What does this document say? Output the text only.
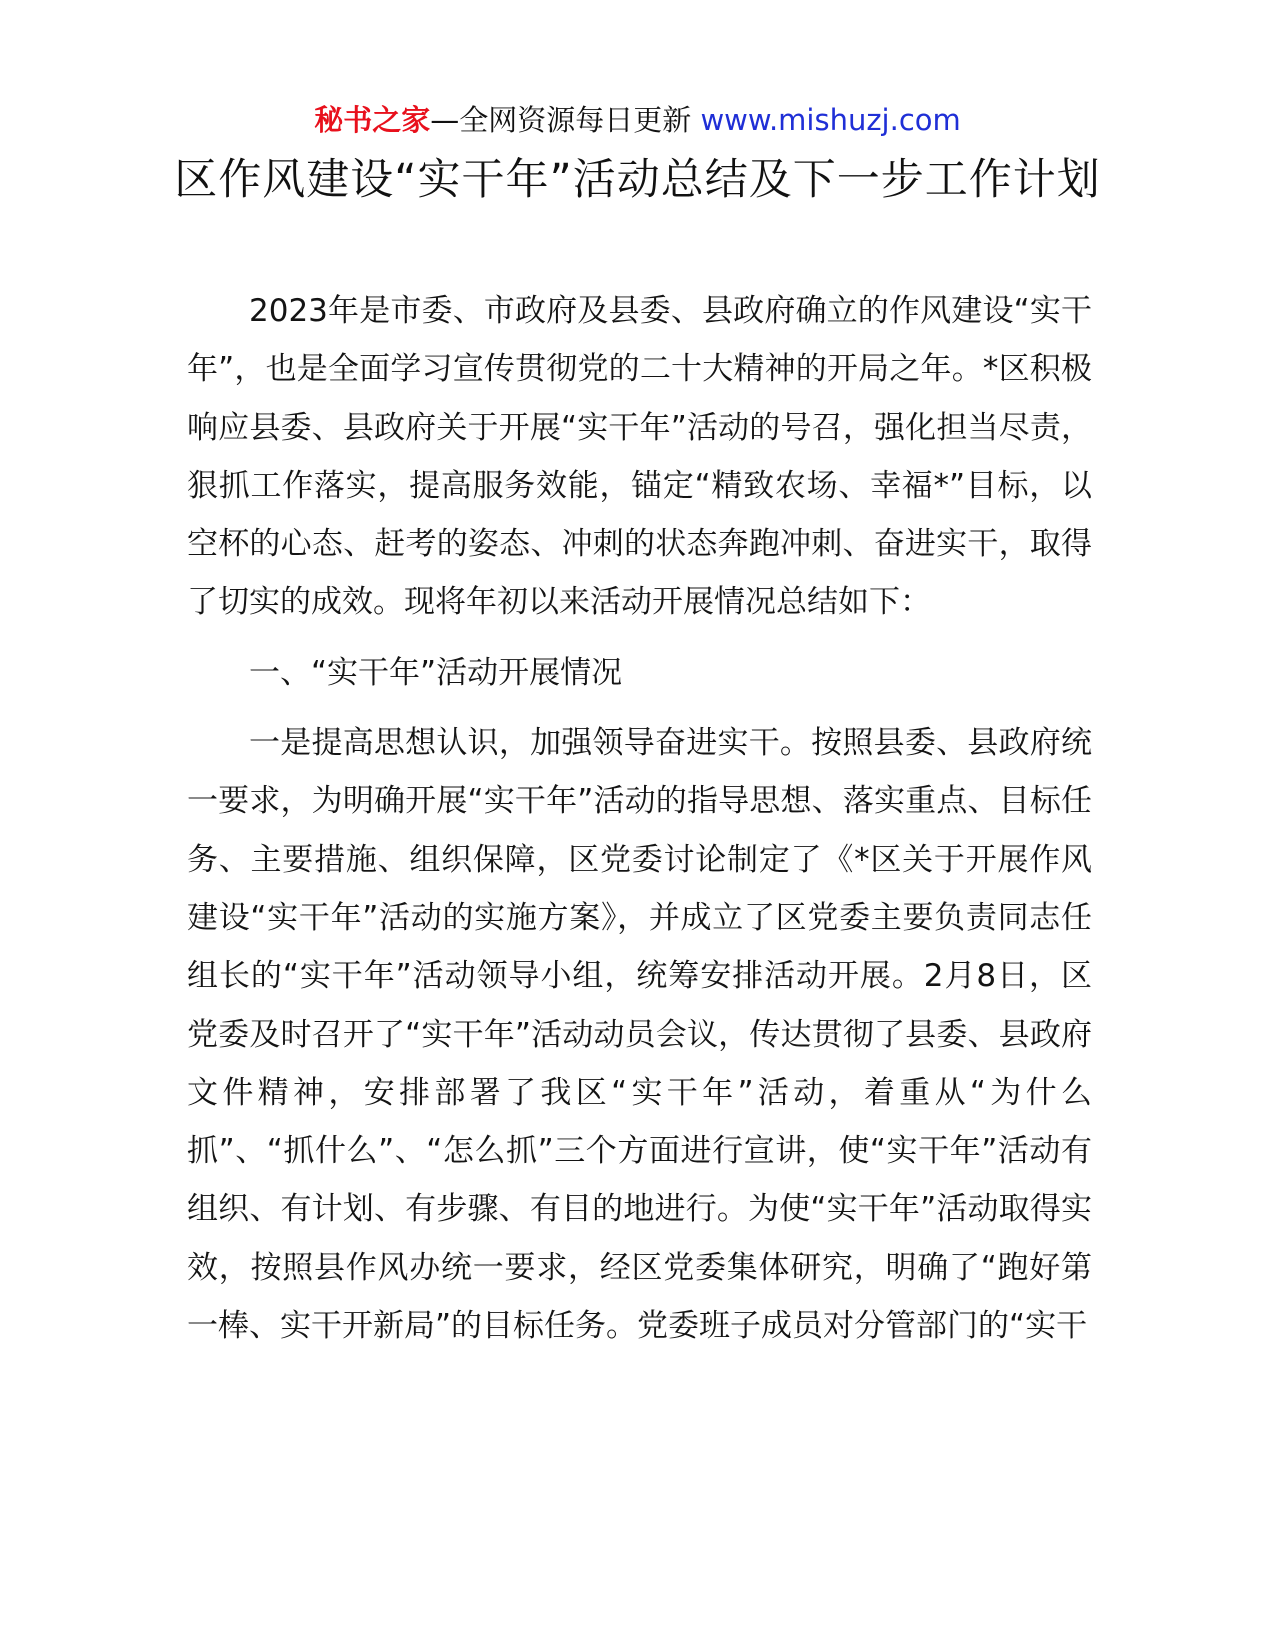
秘书之家—全网资源每日更新 www.mishuzj.com
区作风建设“实干年”活动总结及下一步工作计划

2023年是市委、市政府及县委、县政府确立的作风建设“实干年”，也是全面学习宣传贯彻党的二十大精神的开局之年。*区积极响应县委、县政府关于开展“实干年”活动的号召，强化担当尽责，狠抓工作落实，提高服务效能，锚定“精致农场、幸福*”目标，以空杯的心态、赶考的姿态、冲刺的状态奔跑冲刺、奋进实干，取得了切实的成效。现将年初以来活动开展情况总结如下：

一、“实干年”活动开展情况

一是提高思想认识，加强领导奋进实干。按照县委、县政府统一要求，为明确开展“实干年”活动的指导思想、落实重点、目标任务、主要措施、组织保障，区党委讨论制定了《*区关于开展作风建设“实干年”活动的实施方案》，并成立了区党委主要负责同志任组长的“实干年”活动领导小组，统筹安排活动开展。2月8日，区党委及时召开了“实干年”活动动员会议，传达贯彻了县委、县政府文件精神，安排部署了我区“实干年”活动，着重从“为什么抓”、“抓什么”、“怎么抓”三个方面进行宣讲，使“实干年”活动有组织、有计划、有步骤、有目的地进行。为使“实干年”活动取得实效，按照县作风办统一要求，经区党委集体研究，明确了“跑好第一棒、实干开新局”的目标任务。党委班子成员对分管部门的“实干
